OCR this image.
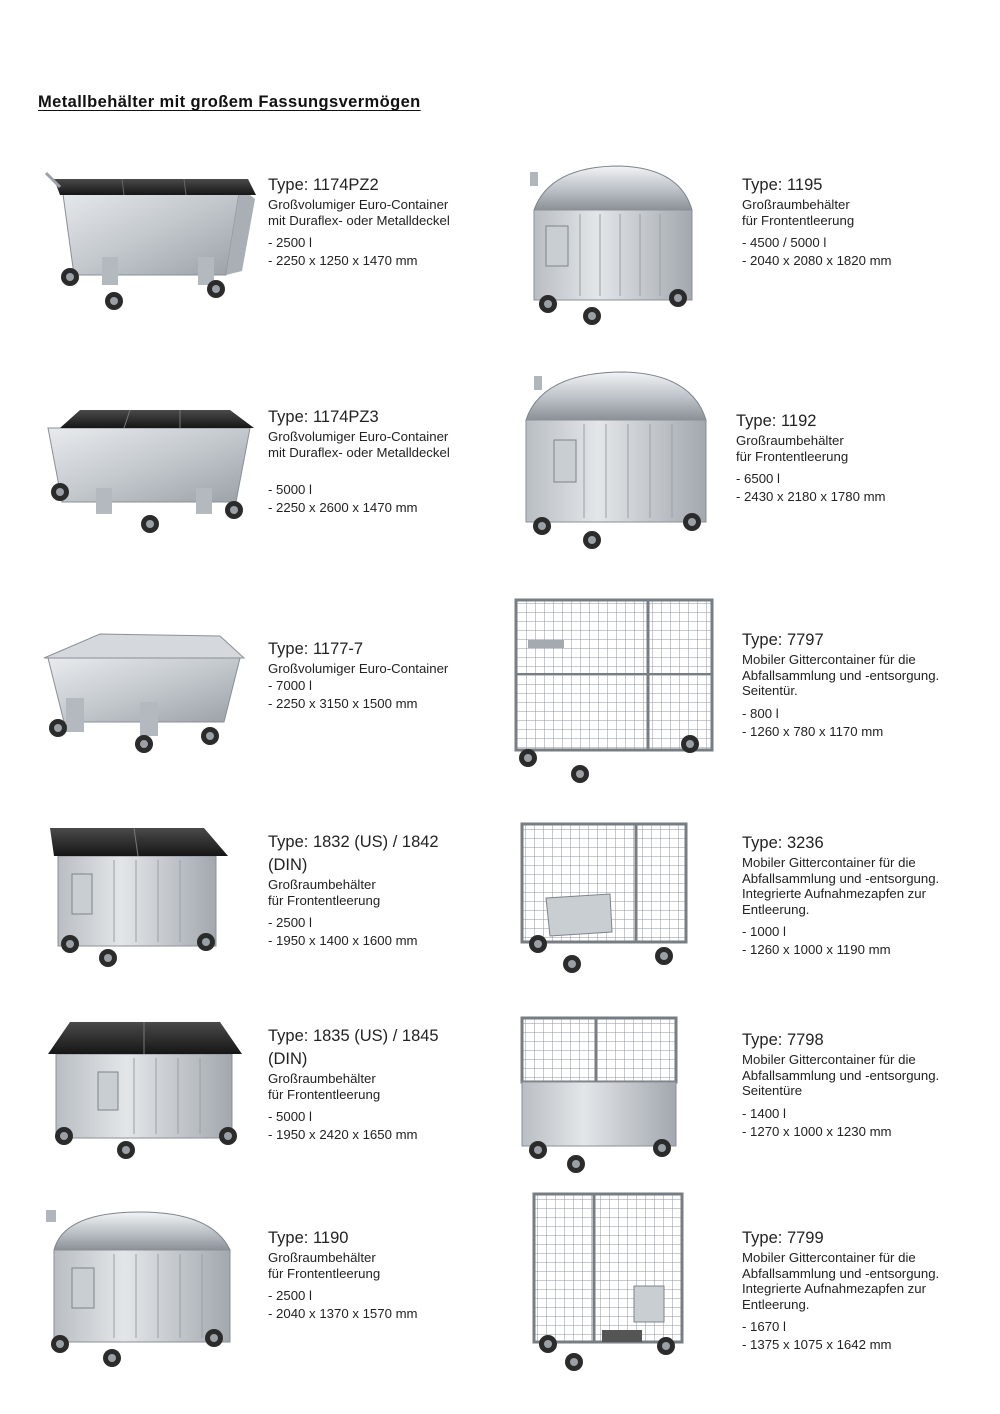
Metallbehälter mit großem Fassungsvermögen
Type: 1174PZ2
Großvolumiger Euro-Container
mit Duraflex- oder Metalldeckel
- 2500 l
- 2250 x 1250 x 1470 mm
Type: 1195
Großraumbehälter
für Frontentleerung
- 4500 / 5000 l
- 2040 x 2080 x 1820 mm
Type: 1174PZ3
Großvolumiger Euro-Container
mit Duraflex- oder Metalldeckel
- 5000 l
- 2250 x 2600 x 1470 mm
Type: 1192
Großraumbehälter
für Frontentleerung
- 6500 l
- 2430 x 2180 x 1780 mm
Type: 1177-7
Großvolumiger Euro-Container
- 7000 l
- 2250 x 3150 x 1500 mm
Type: 7797
Mobiler Gittercontainer für die
Abfallsammlung und -entsorgung.
Seitentür.
- 800 l
- 1260 x 780 x 1170 mm
Type: 1832 (US) / 1842
(DIN)
Großraumbehälter
für Frontentleerung
- 2500 l
- 1950 x 1400 x 1600 mm
Type: 3236
Mobiler Gittercontainer für die
Abfallsammlung und -entsorgung.
Integrierte Aufnahmezapfen zur
Entleerung.
- 1000 l
- 1260 x 1000 x 1190 mm
Type: 1835 (US) / 1845
(DIN)
Großraumbehälter
für Frontentleerung
- 5000 l
- 1950 x 2420 x 1650 mm
Type: 7798
Mobiler Gittercontainer für die
Abfallsammlung und -entsorgung.
Seitentüre
- 1400 l
- 1270 x 1000 x 1230 mm
Type: 1190
Großraumbehälter
für Frontentleerung
- 2500 l
- 2040 x 1370 x 1570 mm
Type: 7799
Mobiler Gittercontainer für die
Abfallsammlung und -entsorgung.
Integrierte Aufnahmezapfen zur
Entleerung.
- 1670 l
- 1375 x 1075 x 1642 mm
